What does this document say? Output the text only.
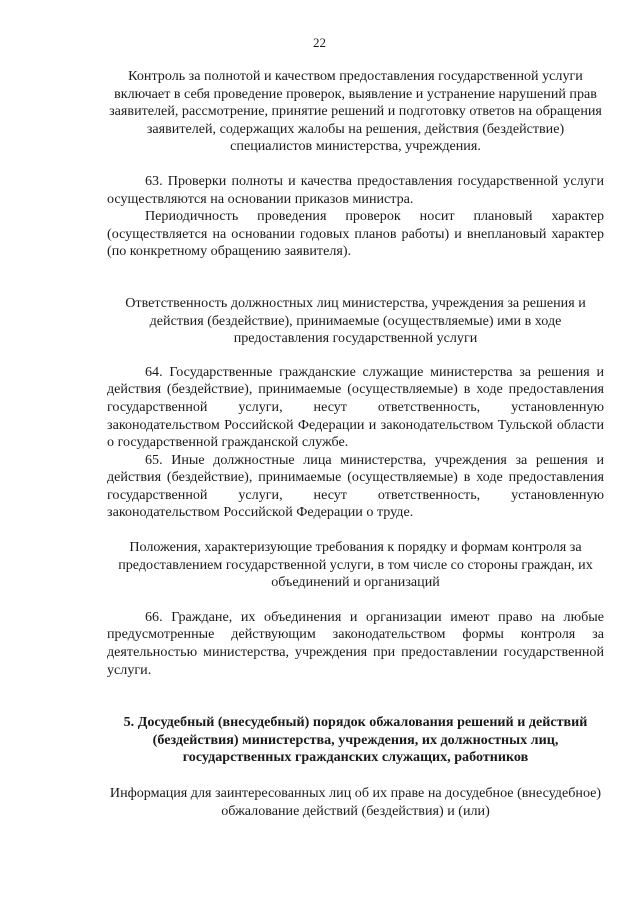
22

Контроль за полнотой и качеством предоставления государственной услуги включает в себя проведение проверок, выявление и устранение нарушений прав заявителей, рассмотрение, принятие решений и подготовку ответов на обращения заявителей, содержащих жалобы на решения, действия (бездействие) специалистов министерства, учреждения.

63. Проверки полноты и качества предоставления государственной услуги осуществляются на основании приказов министра.

Периодичность проведения проверок носит плановый характер (осуществляется на основании годовых планов работы) и внеплановый характер (по конкретному обращению заявителя).

Ответственность должностных лиц министерства, учреждения за решения и действия (бездействие), принимаемые (осуществляемые) ими в ходе предоставления государственной услуги

64. Государственные гражданские служащие министерства за решения и действия (бездействие), принимаемые (осуществляемые) в ходе предоставления государственной услуги, несут ответственность, установленную законодательством Российской Федерации и законодательством Тульской области о государственной гражданской службе.

65. Иные должностные лица министерства, учреждения за решения и действия (бездействие), принимаемые (осуществляемые) в ходе предоставления государственной услуги, несут ответственность, установленную законодательством Российской Федерации о труде.

Положения, характеризующие требования к порядку и формам контроля за предоставлением государственной услуги, в том числе со стороны граждан, их объединений и организаций

66. Граждане, их объединения и организации имеют право на любые предусмотренные действующим законодательством формы контроля за деятельностью министерства, учреждения при предоставлении государственной услуги.

5. Досудебный (внесудебный) порядок обжалования решений и действий (бездействия) министерства, учреждения, их должностных лиц, государственных гражданских служащих, работников

Информация для заинтересованных лиц об их праве на досудебное (внесудебное) обжалование действий (бездействия) и (или)
